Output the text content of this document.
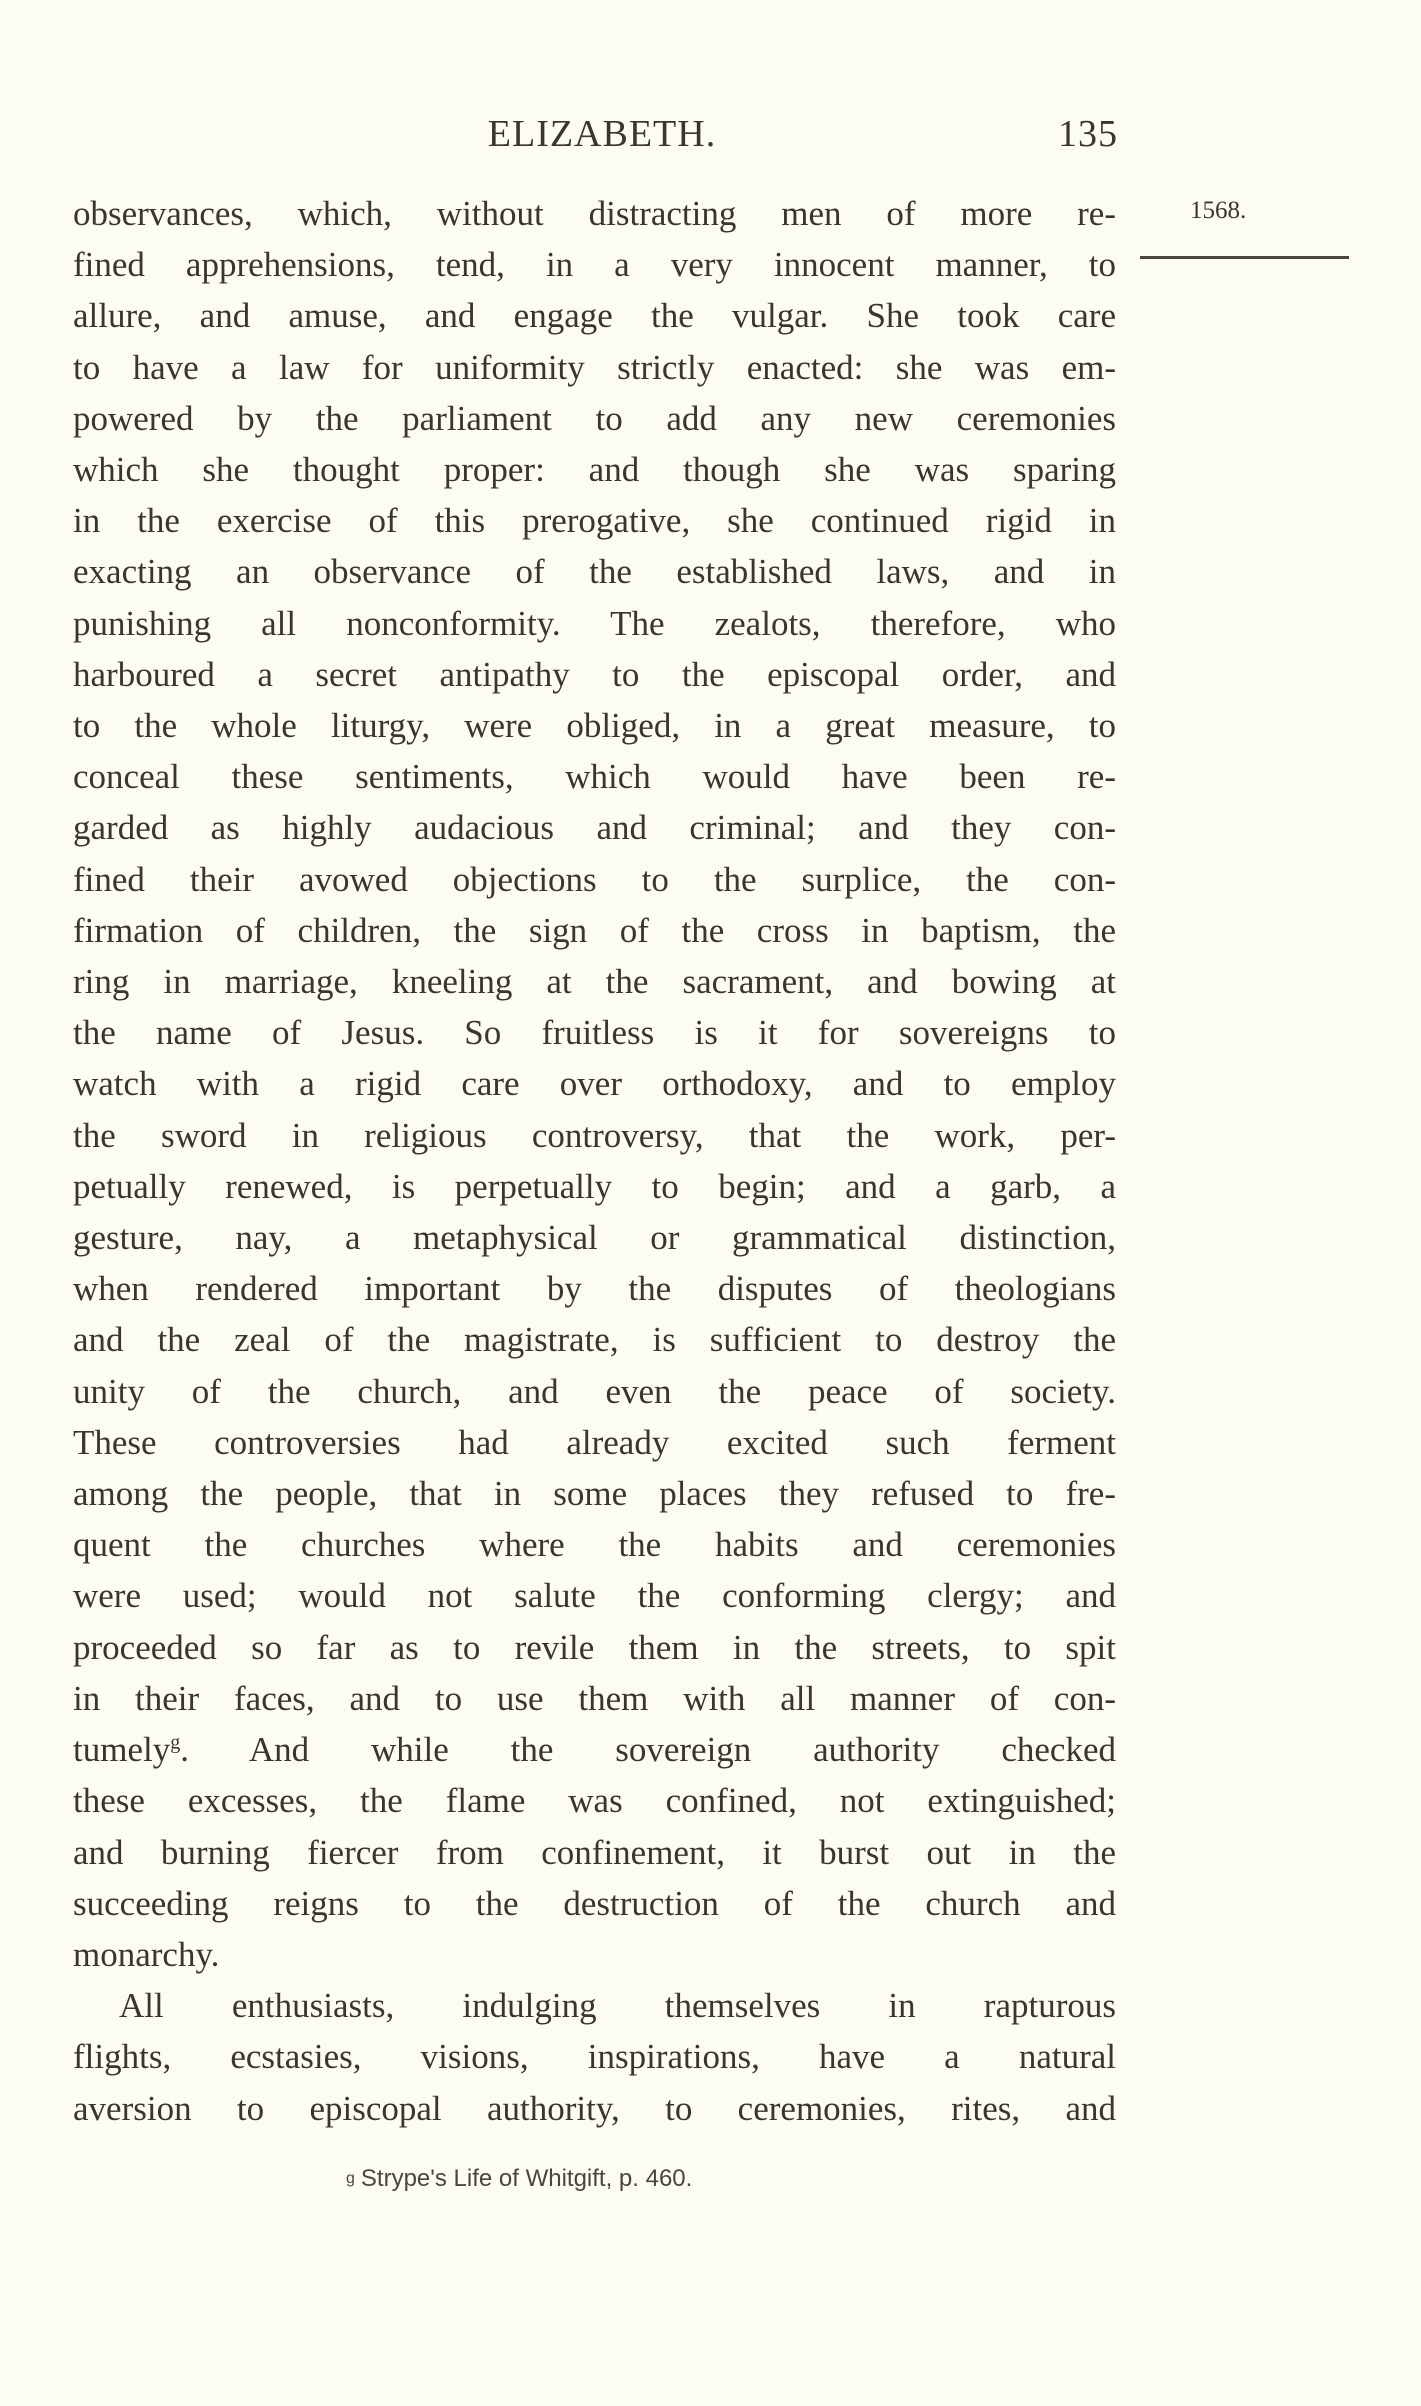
ELIZABETH.	135
1568.
observances, which, without distracting men of more re-
fined apprehensions, tend, in a very innocent manner, to
allure, and amuse, and engage the vulgar. She took care
to have a law for uniformity strictly enacted: she was em-
powered by the parliament to add any new ceremonies
which she thought proper: and though she was sparing
in the exercise of this prerogative, she continued rigid in
exacting an observance of the established laws, and in
punishing all nonconformity. The zealots, therefore, who
harboured a secret antipathy to the episcopal order, and
to the whole liturgy, were obliged, in a great measure, to
conceal these sentiments, which would have been re-
garded as highly audacious and criminal; and they con-
fined their avowed objections to the surplice, the con-
firmation of children, the sign of the cross in baptism, the
ring in marriage, kneeling at the sacrament, and bowing at
the name of Jesus. So fruitless is it for sovereigns to
watch with a rigid care over orthodoxy, and to employ
the sword in religious controversy, that the work, per-
petually renewed, is perpetually to begin; and a garb, a
gesture, nay, a metaphysical or grammatical distinction,
when rendered important by the disputes of theologians
and the zeal of the magistrate, is sufficient to destroy the
unity of the church, and even the peace of society.
These controversies had already excited such ferment
among the people, that in some places they refused to fre-
quent the churches where the habits and ceremonies
were used; would not salute the conforming clergy; and
proceeded so far as to revile them in the streets, to spit
in their faces, and to use them with all manner of con-
tumely$^g$. And while the sovereign authority checked
these excesses, the flame was confined, not extinguished;
and burning fiercer from confinement, it burst out in the
succeeding reigns to the destruction of the church and
monarchy.
All enthusiasts, indulging themselves in rapturous
flights, ecstasies, visions, inspirations, have a natural
aversion to episcopal authority, to ceremonies, rites, and
$^g$ Strype's Life of Whitgift, p. 460.
